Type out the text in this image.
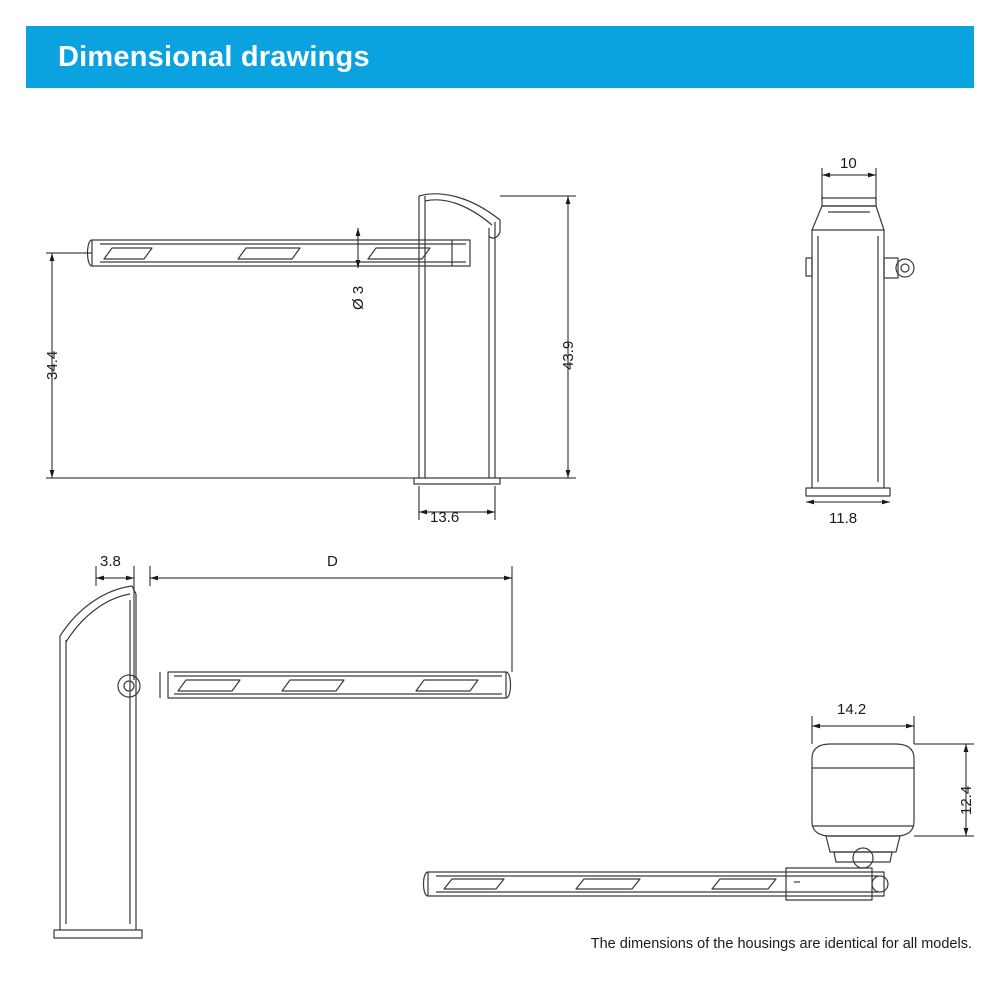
Dimensional drawings
34.4
Ø 3
43.9
13.6
10
11.8
3.8	D
14.2
12.4
The dimensions of the housings are identical for all models.
